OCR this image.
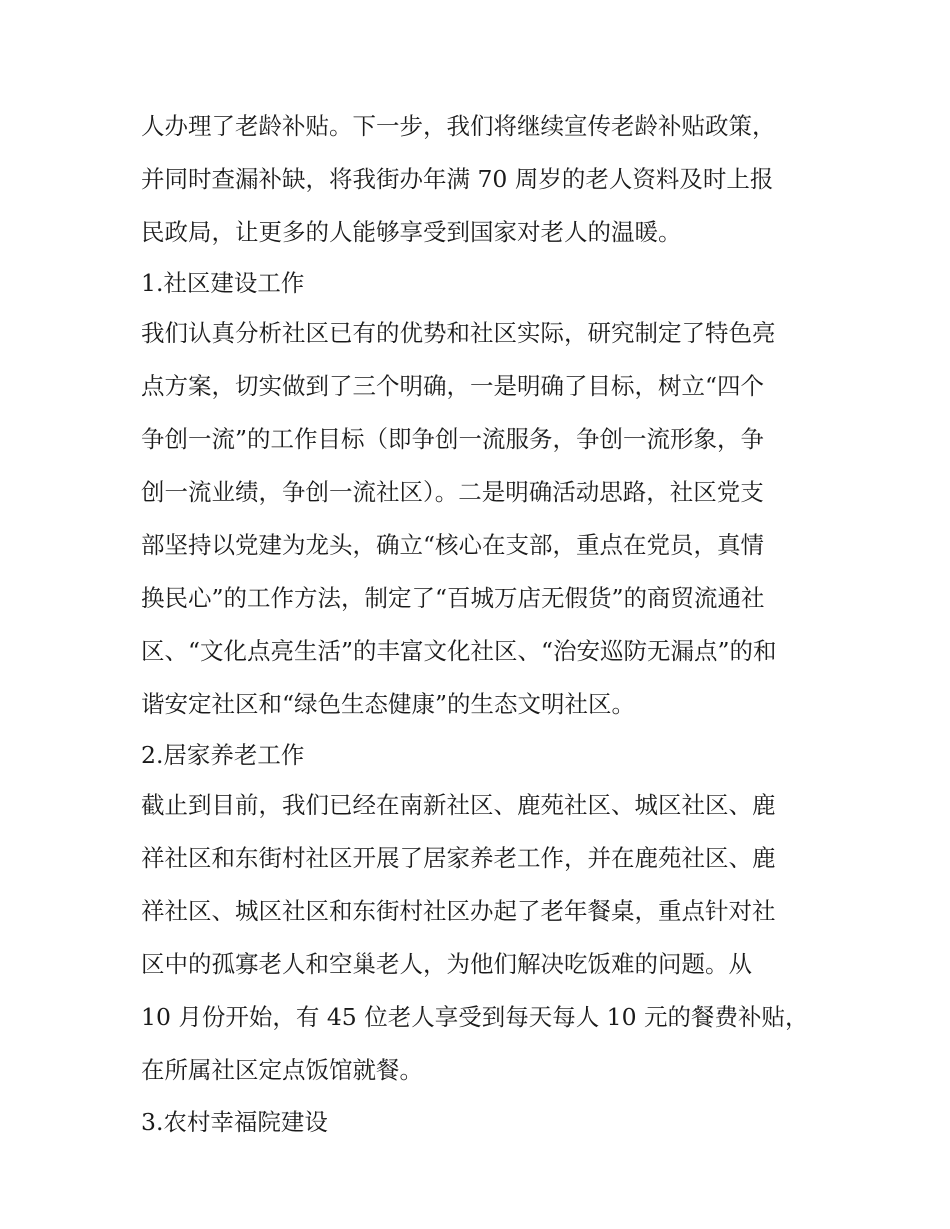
人办理了老龄补贴。下一步，我们将继续宣传老龄补贴政策，
并同时查漏补缺，将我街办年满 70 周岁的老人资料及时上报
民政局，让更多的人能够享受到国家对老人的温暖。
1.社区建设工作
我们认真分析社区已有的优势和社区实际，研究制定了特色亮
点方案，切实做到了三个明确，一是明确了目标，树立“四个
争创一流”的工作目标（即争创一流服务，争创一流形象，争
创一流业绩，争创一流社区）。二是明确活动思路，社区党支
部坚持以党建为龙头，确立“核心在支部，重点在党员，真情
换民心”的工作方法，制定了“百城万店无假货”的商贸流通社
区、“文化点亮生活”的丰富文化社区、“治安巡防无漏点”的和
谐安定社区和“绿色生态健康”的生态文明社区。
2.居家养老工作
截止到目前，我们已经在南新社区、鹿苑社区、城区社区、鹿
祥社区和东街村社区开展了居家养老工作，并在鹿苑社区、鹿
祥社区、城区社区和东街村社区办起了老年餐桌，重点针对社
区中的孤寡老人和空巢老人，为他们解决吃饭难的问题。从
10 月份开始，有 45 位老人享受到每天每人 10 元的餐费补贴，
在所属社区定点饭馆就餐。
3.农村幸福院建设
